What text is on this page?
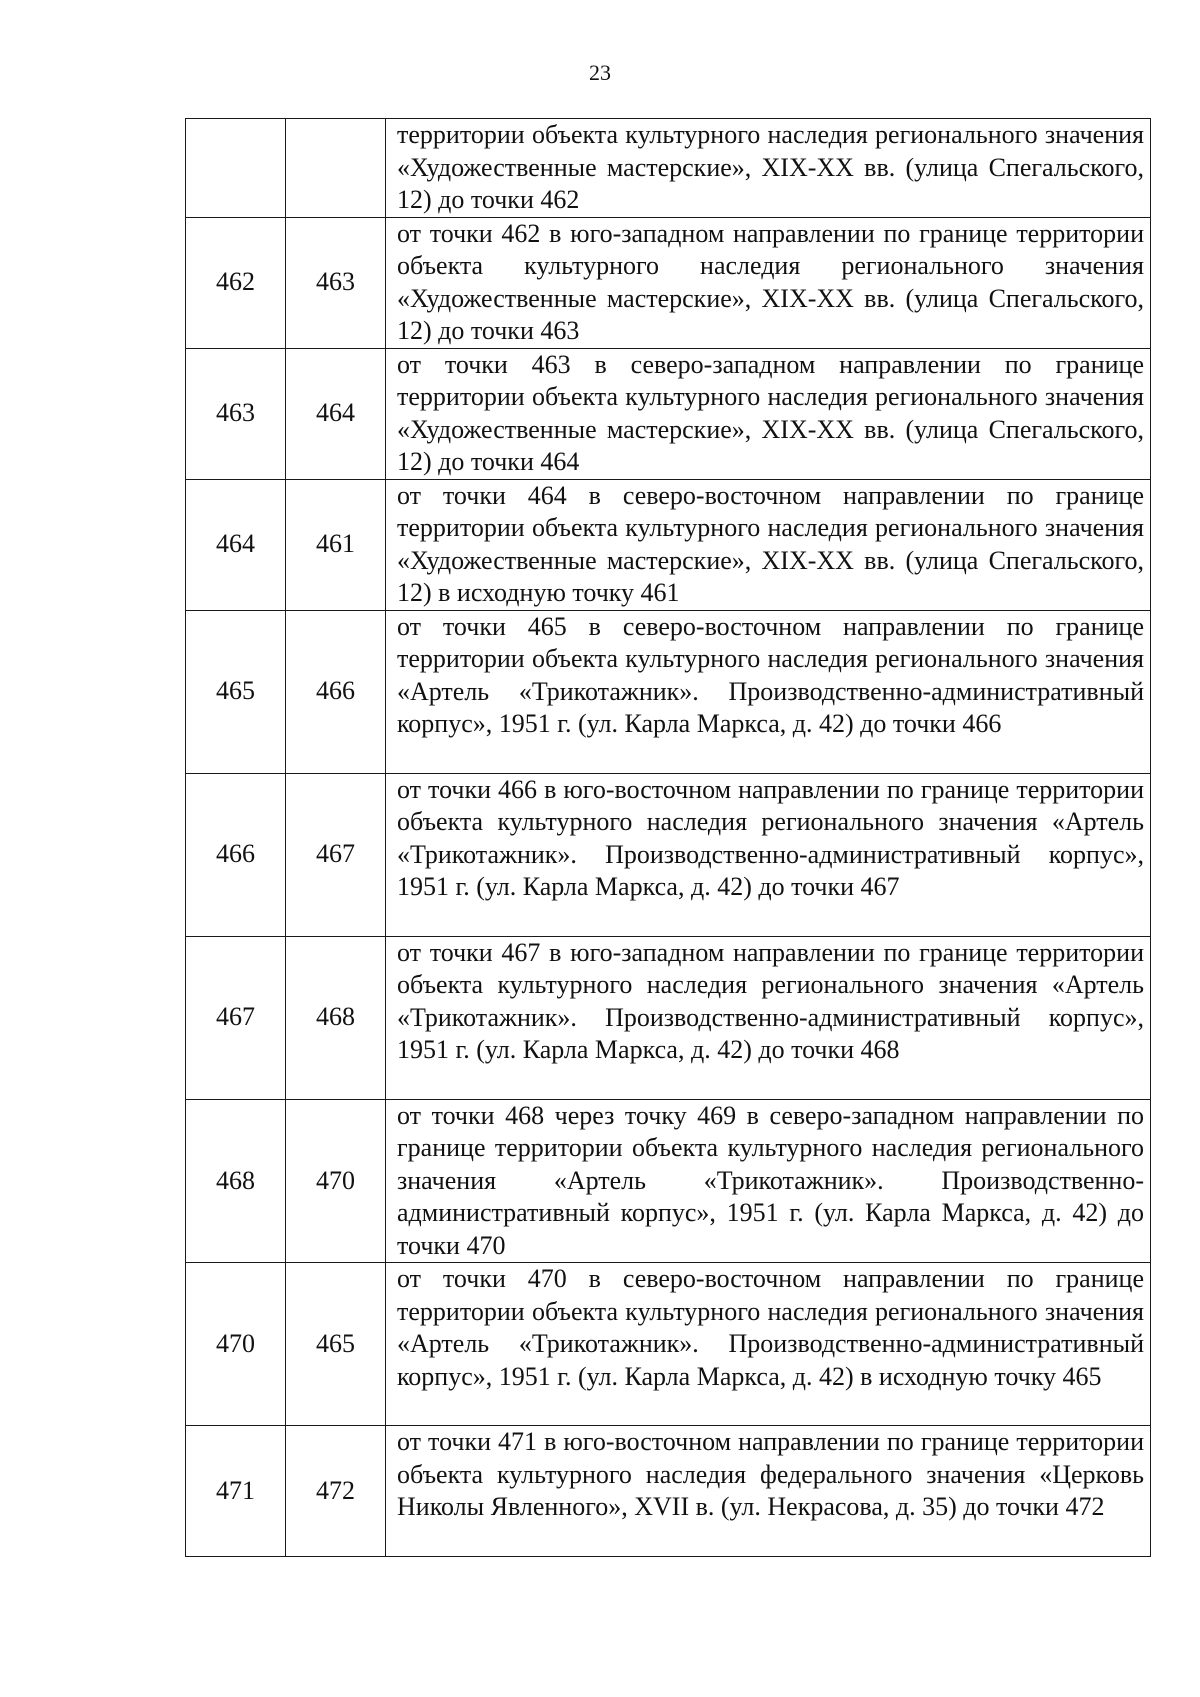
23
		территории объекта культурного наследия регионального значения «Художественные мастерские», XIX-XX вв. (улица Спегальского, 12) до точки 462
462	463	от точки 462 в юго-западном направлении по границе территории объекта культурного наследия регионального значения «Художественные мастерские», XIX-XX вв. (улица Спегальского, 12) до точки 463
463	464	от точки 463 в северо-западном направлении по границе территории объекта культурного наследия регионального значения «Художественные мастерские», XIX-XX вв. (улица Спегальского, 12) до точки 464
464	461	от точки 464 в северо-восточном направлении по границе территории объекта культурного наследия регионального значения «Художественные мастерские», XIX-XX вв. (улица Спегальского, 12) в исходную точку 461
465	466	от точки 465 в северо-восточном направлении по границе территории объекта культурного наследия регионального значения «Артель «Трикотажник». Производственно-административный корпус», 1951 г. (ул. Карла Маркса, д. 42) до точки 466
466	467	от точки 466 в юго-восточном направлении по границе территории объекта культурного наследия регионального значения «Артель «Трикотажник». Производственно-административный корпус», 1951 г. (ул. Карла Маркса, д. 42) до точки 467
467	468	от точки 467 в юго-западном направлении по границе территории объекта культурного наследия регионального значения «Артель «Трикотажник». Производственно-административный корпус», 1951 г. (ул. Карла Маркса, д. 42) до точки 468
468	470	от точки 468 через точку 469 в северо-западном направлении по границе территории объекта культурного наследия регионального значения «Артель «Трикотажник». Производственно-административный корпус», 1951 г. (ул. Карла Маркса, д. 42) до точки 470
470	465	от точки 470 в северо-восточном направлении по границе территории объекта культурного наследия регионального значения «Артель «Трикотажник». Производственно-административный корпус», 1951 г. (ул. Карла Маркса, д. 42) в исходную точку 465
471	472	от точки 471 в юго-восточном направлении по границе территории объекта культурного наследия федерального значения «Церковь Николы Явленного», XVII в. (ул. Некрасова, д. 35) до точки 472
